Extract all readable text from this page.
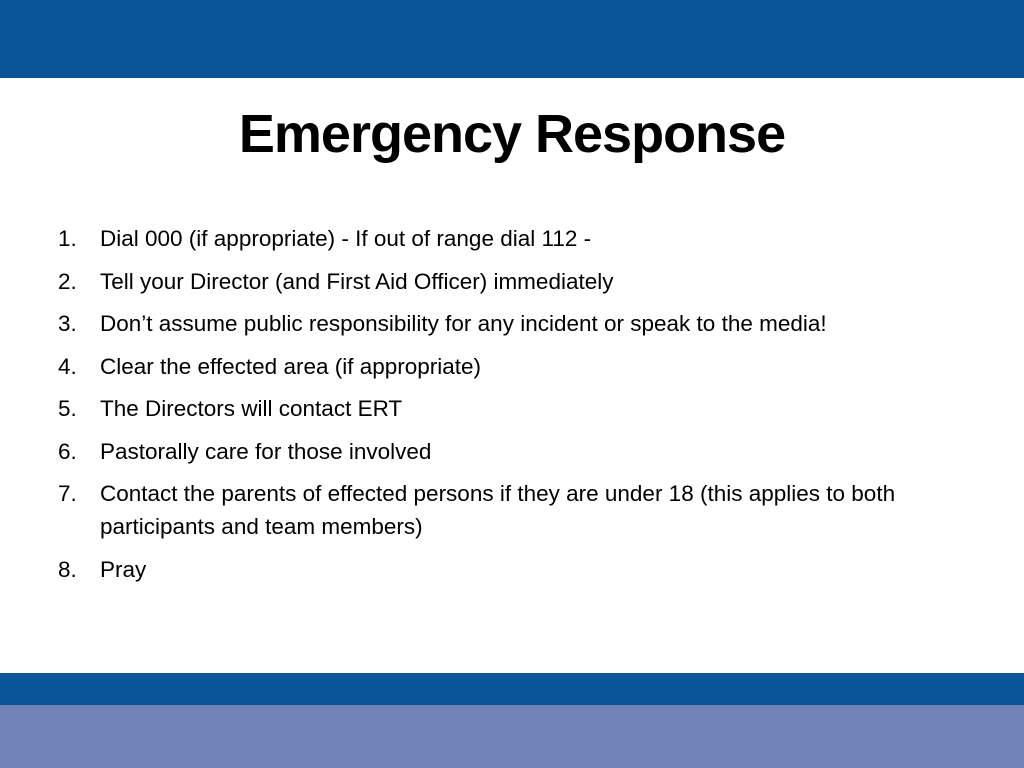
Emergency Response
1.	Dial 000 (if appropriate) - If out of range dial 112 -
2.	Tell your Director (and First Aid Officer) immediately
3.	Don’t assume public responsibility for any incident or speak to the media!
4.	Clear the effected area (if appropriate)
5.	The Directors will contact ERT
6.	Pastorally care for those involved
7.	Contact the parents of effected persons if they are under 18 (this applies to both participants and team members)
8.	Pray
